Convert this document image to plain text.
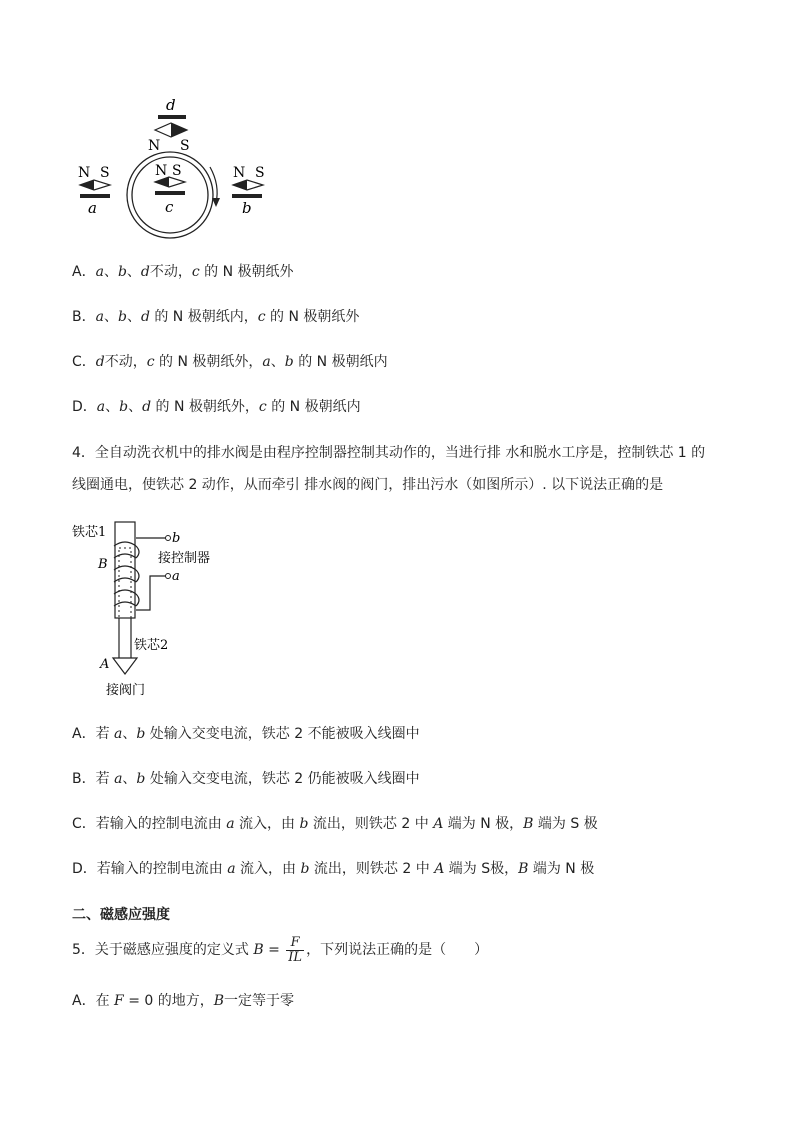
d
N S
N S
c
N S
a
N S
b
A．a、b、d不动，c 的 N 极朝纸外
B．a、b、d 的 N 极朝纸内，c 的 N 极朝纸外
C．d不动，c 的 N 极朝纸外，a、b 的 N 极朝纸内
D．a、b、d 的 N 极朝纸外，c 的 N 极朝纸内
4．全自动洗衣机中的排水阀是由程序控制器控制其动作的，当进行排 水和脱水工序是，控制铁芯 1 的
线圈通电，使铁芯 2 动作，从而牵引 排水阀的阀门，排出污水（如图所示）. 以下说法正确的是
铁芯1	b
接控制器
a
B
铁芯2
A
接阀门
A．若 a、b 处输入交变电流，铁芯 2 不能被吸入线圈中
B．若 a、b 处输入交变电流，铁芯 2 仍能被吸入线圈中
C．若输入的控制电流由 a 流入，由 b 流出，则铁芯 2 中 A 端为 N 极，B 端为 S 极
D．若输入的控制电流由 a 流入，由 b 流出，则铁芯 2 中 A 端为 S极，B 端为 N 极
二、磁感应强度
5．关于磁感应强度的定义式 $B = \frac{F}{IL}$ ，下列说法正确的是（　　）
A．在 F = 0 的地方，B一定等于零
